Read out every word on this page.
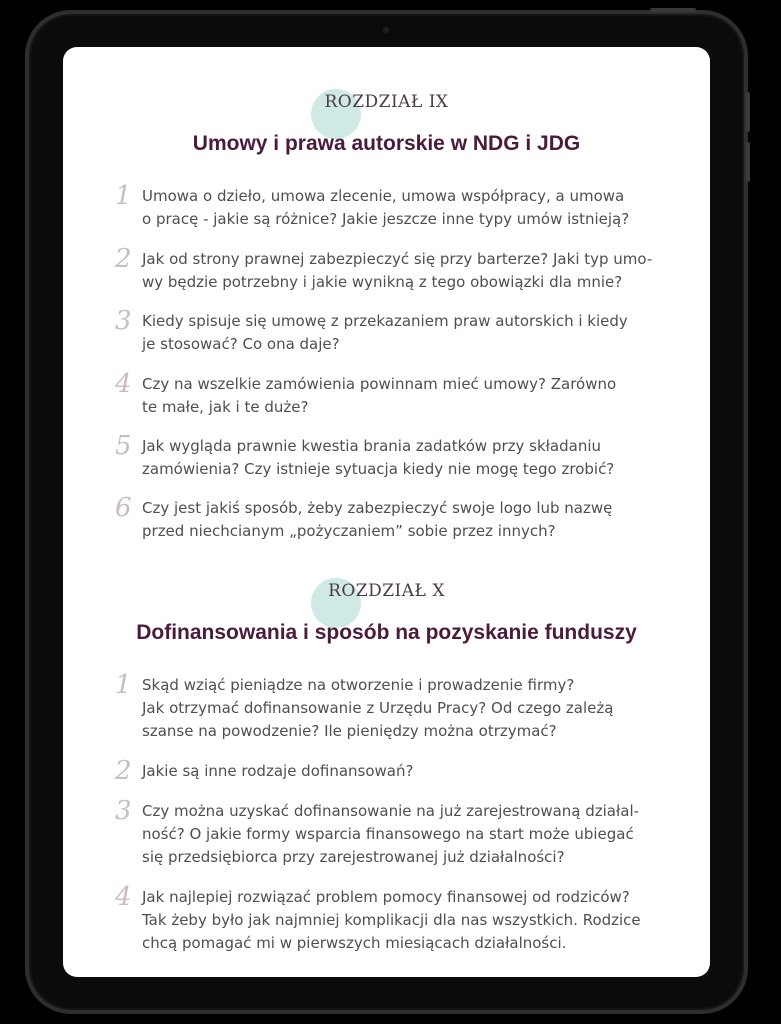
ROZDZIAŁ IX
Umowy i prawa autorskie w NDG i JDG
1 Umowa o dzieło, umowa zlecenie, umowa współpracy, a umowa
o pracę - jakie są różnice? Jakie jeszcze inne typy umów istnieją?
2 Jak od strony prawnej zabezpieczyć się przy barterze? Jaki typ umo-
wy będzie potrzebny i jakie wynikną z tego obowiązki dla mnie?
3 Kiedy spisuje się umowę z przekazaniem praw autorskich i kiedy
je stosować? Co ona daje?
4 Czy na wszelkie zamówienia powinnam mieć umowy? Zarówno
te małe, jak i te duże?
5 Jak wygląda prawnie kwestia brania zadatków przy składaniu
zamówienia? Czy istnieje sytuacja kiedy nie mogę tego zrobić?
6 Czy jest jakiś sposób, żeby zabezpieczyć swoje logo lub nazwę
przed niechcianym „pożyczaniem” sobie przez innych?
ROZDZIAŁ X
Dofinansowania i sposób na pozyskanie funduszy
1 Skąd wziąć pieniądze na otworzenie i prowadzenie firmy?
Jak otrzymać dofinansowanie z Urzędu Pracy? Od czego zależą
szanse na powodzenie? Ile pieniędzy można otrzymać?
2 Jakie są inne rodzaje dofinansowań?
3 Czy można uzyskać dofinansowanie na już zarejestrowaną działal-
ność? O jakie formy wsparcia finansowego na start może ubiegać
się przedsiębiorca przy zarejestrowanej już działalności?
4 Jak najlepiej rozwiązać problem pomocy finansowej od rodziców?
Tak żeby było jak najmniej komplikacji dla nas wszystkich. Rodzice
chcą pomagać mi w pierwszych miesiącach działalności.
